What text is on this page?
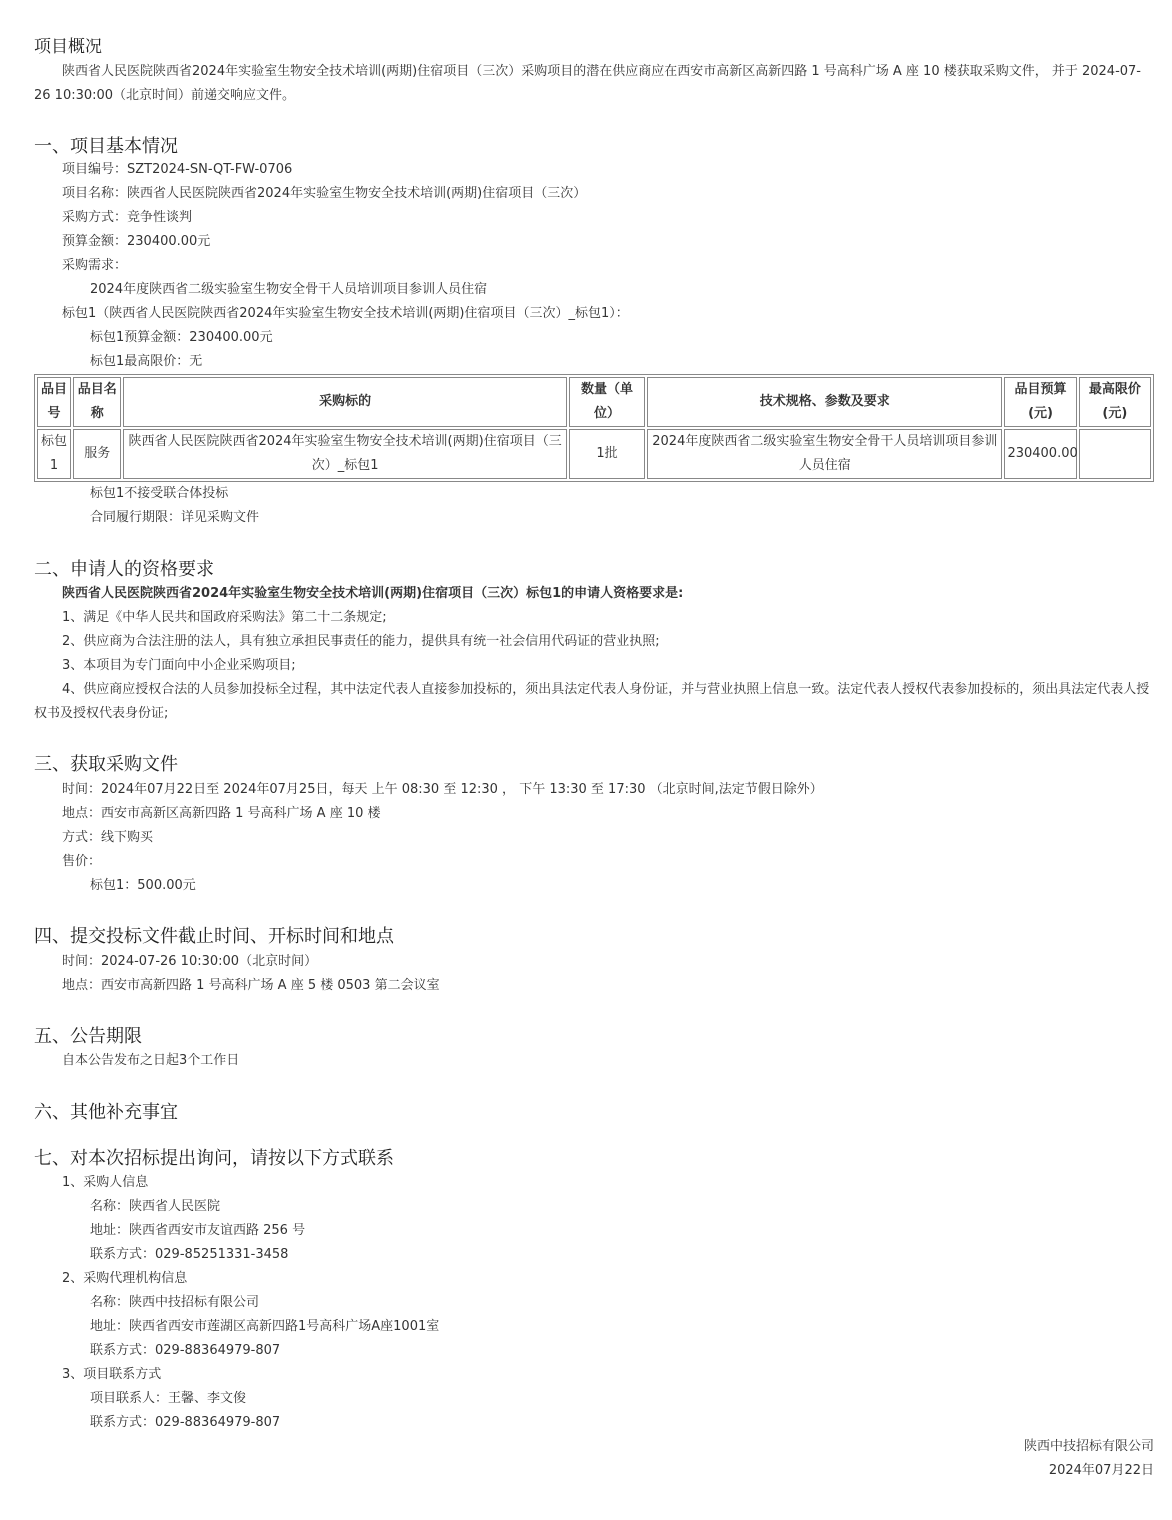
项目概况
陕西省人民医院陕西省2024年实验室生物安全技术培训(两期)住宿项目（三次）采购项目的潜在供应商应在西安市高新区高新四路 1 号高科广场 A 座 10 楼获取采购文件， 并于 2024-07-26 10:30:00（北京时间）前递交响应文件。
一、项目基本情况
项目编号：SZT2024-SN-QT-FW-0706
项目名称：陕西省人民医院陕西省2024年实验室生物安全技术培训(两期)住宿项目（三次）
采购方式：竞争性谈判
预算金额：230400.00元
采购需求：
2024年度陕西省二级实验室生物安全骨干人员培训项目参训人员住宿
标包1（陕西省人民医院陕西省2024年实验室生物安全技术培训(两期)住宿项目（三次）_标包1）：
标包1预算金额：230400.00元
标包1最高限价：无
品目号	品目名称	采购标的	数量（单位）	技术规格、参数及要求	品目预算(元)	最高限价(元)
标包1	服务	陕西省人民医院陕西省2024年实验室生物安全技术培训(两期)住宿项目（三次）_标包1	1批	2024年度陕西省二级实验室生物安全骨干人员培训项目参训人员住宿	230400.00	
标包1不接受联合体投标
合同履行期限：详见采购文件
二、申请人的资格要求
陕西省人民医院陕西省2024年实验室生物安全技术培训(两期)住宿项目（三次）标包1的申请人资格要求是:
1、满足《中华人民共和国政府采购法》第二十二条规定;
2、供应商为合法注册的法人，具有独立承担民事责任的能力，提供具有统一社会信用代码证的营业执照;
3、本项目为专门面向中小企业采购项目;
4、供应商应授权合法的人员参加投标全过程，其中法定代表人直接参加投标的，须出具法定代表人身份证，并与营业执照上信息一致。法定代表人授权代表参加投标的，须出具法定代表人授权书及授权代表身份证;
三、获取采购文件
时间：2024年07月22日至 2024年07月25日，每天 上午 08:30 至 12:30 ， 下午 13:30 至 17:30 （北京时间,法定节假日除外）
地点：西安市高新区高新四路 1 号高科广场 A 座 10 楼
方式：线下购买
售价：
标包1：500.00元
四、提交投标文件截止时间、开标时间和地点
时间：2024-07-26 10:30:00（北京时间）
地点：西安市高新四路 1 号高科广场 A 座 5 楼 0503 第二会议室
五、公告期限
自本公告发布之日起3个工作日
六、其他补充事宜
七、对本次招标提出询问，请按以下方式联系
1、采购人信息
名称：陕西省人民医院
地址：陕西省西安市友谊西路 256 号
联系方式：029-85251331-3458
2、采购代理机构信息
名称：陕西中技招标有限公司
地址：陕西省西安市莲湖区高新四路1号高科广场A座1001室
联系方式：029-88364979-807
3、项目联系方式
项目联系人：王馨、李文俊
联系方式：029-88364979-807
陕西中技招标有限公司
2024年07月22日
